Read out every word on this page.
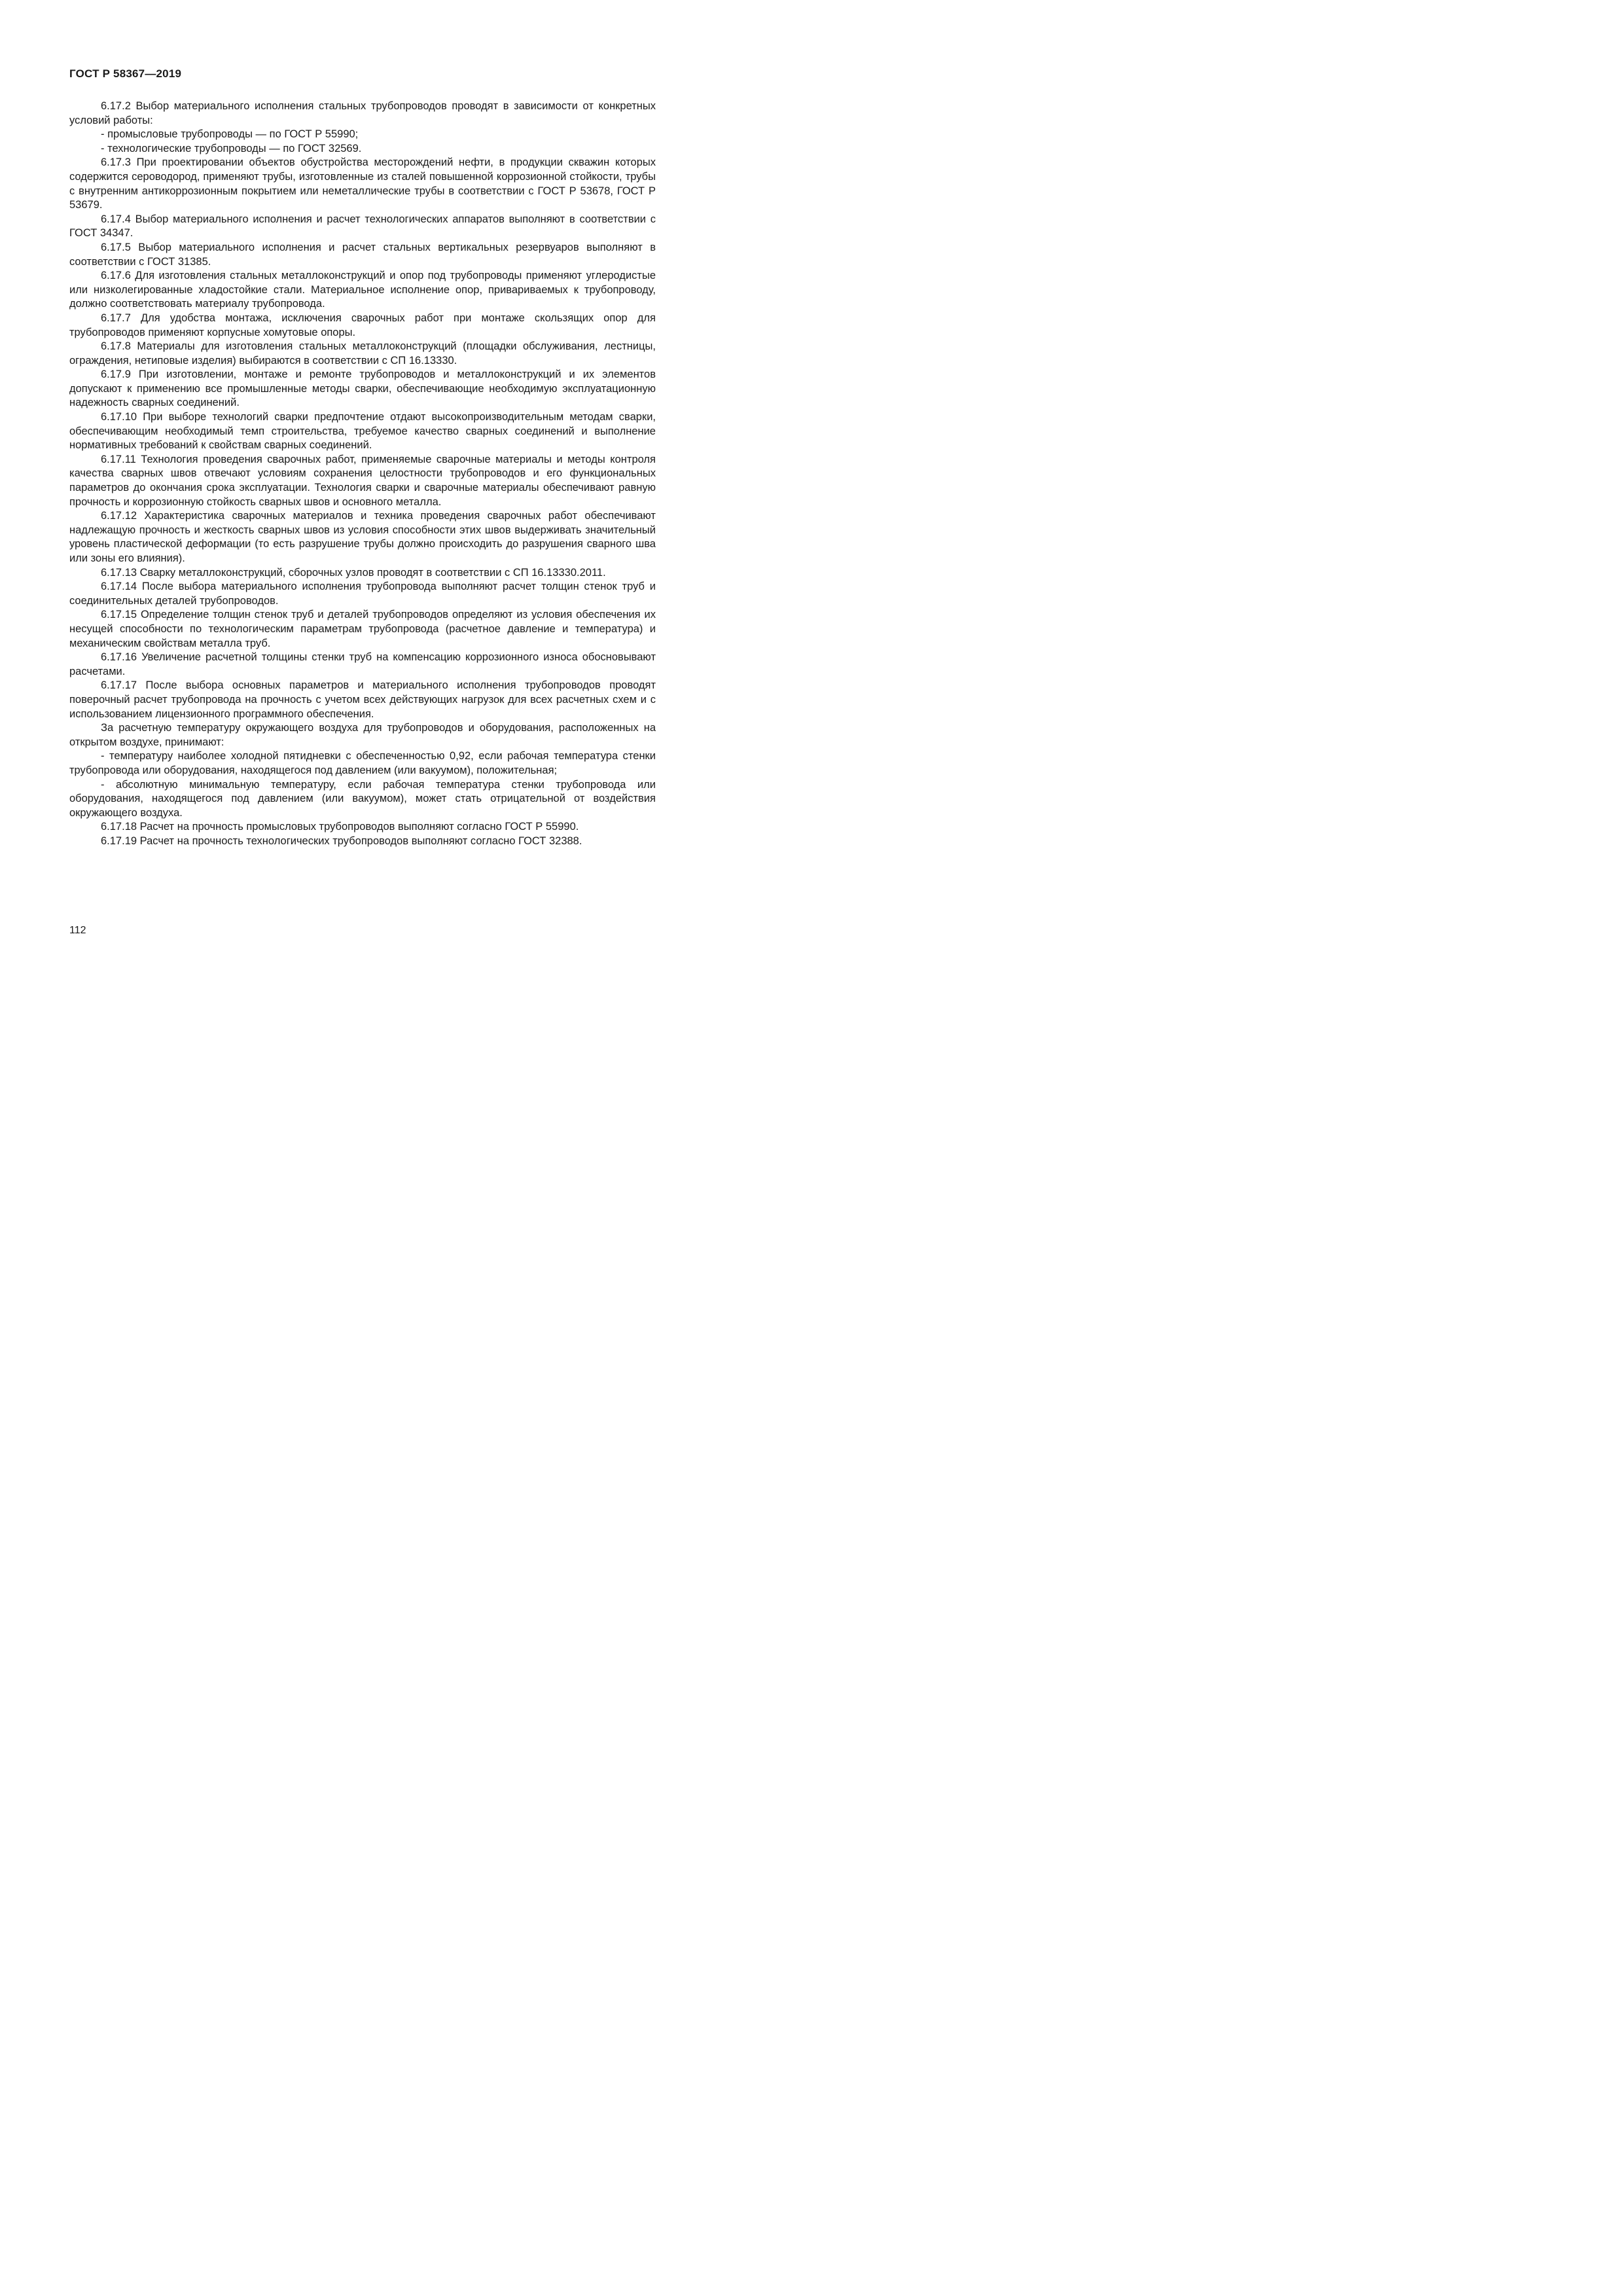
ГОСТ Р 58367—2019

6.17.2 Выбор материального исполнения стальных трубопроводов проводят в зависимости от конкретных условий работы:

- промысловые трубопроводы — по ГОСТ Р 55990;

- технологические трубопроводы — по ГОСТ 32569.

6.17.3 При проектировании объектов обустройства месторождений нефти, в продукции скважин которых содержится сероводород, применяют трубы, изготовленные из сталей повышенной коррозионной стойкости, трубы с внутренним антикоррозионным покрытием или неметаллические трубы в соответствии с ГОСТ Р 53678, ГОСТ Р 53679.

6.17.4 Выбор материального исполнения и расчет технологических аппаратов выполняют в соответствии с ГОСТ 34347.

6.17.5 Выбор материального исполнения и расчет стальных вертикальных резервуаров выполняют в соответствии с ГОСТ 31385.

6.17.6 Для изготовления стальных металлоконструкций и опор под трубопроводы применяют углеродистые или низколегированные хладостойкие стали. Материальное исполнение опор, привариваемых к трубопроводу, должно соответствовать материалу трубопровода.

6.17.7 Для удобства монтажа, исключения сварочных работ при монтаже скользящих опор для трубопроводов применяют корпусные хомутовые опоры.

6.17.8 Материалы для изготовления стальных металлоконструкций (площадки обслуживания, лестницы, ограждения, нетиповые изделия) выбираются в соответствии с СП 16.13330.

6.17.9 При изготовлении, монтаже и ремонте трубопроводов и металлоконструкций и их элементов допускают к применению все промышленные методы сварки, обеспечивающие необходимую эксплуатационную надежность сварных соединений.

6.17.10 При выборе технологий сварки предпочтение отдают высокопроизводительным методам сварки, обеспечивающим необходимый темп строительства, требуемое качество сварных соединений и выполнение нормативных требований к свойствам сварных соединений.

6.17.11 Технология проведения сварочных работ, применяемые сварочные материалы и методы контроля качества сварных швов отвечают условиям сохранения целостности трубопроводов и его функциональных параметров до окончания срока эксплуатации. Технология сварки и сварочные материалы обеспечивают равную прочность и коррозионную стойкость сварных швов и основного металла.

6.17.12 Характеристика сварочных материалов и техника проведения сварочных работ обеспечивают надлежащую прочность и жесткость сварных швов из условия способности этих швов выдерживать значительный уровень пластической деформации (то есть разрушение трубы должно происходить до разрушения сварного шва или зоны его влияния).

6.17.13 Сварку металлоконструкций, сборочных узлов проводят в соответствии с СП 16.13330.2011.

6.17.14 После выбора материального исполнения трубопровода выполняют расчет толщин стенок труб и соединительных деталей трубопроводов.

6.17.15 Определение толщин стенок труб и деталей трубопроводов определяют из условия обеспечения их несущей способности по технологическим параметрам трубопровода (расчетное давление и температура) и механическим свойствам металла труб.

6.17.16 Увеличение расчетной толщины стенки труб на компенсацию коррозионного износа обосновывают расчетами.

6.17.17 После выбора основных параметров и материального исполнения трубопроводов проводят поверочный расчет трубопровода на прочность с учетом всех действующих нагрузок для всех расчетных схем и с использованием лицензионного программного обеспечения.

За расчетную температуру окружающего воздуха для трубопроводов и оборудования, расположенных на открытом воздухе, принимают:

- температуру наиболее холодной пятидневки с обеспеченностью 0,92, если рабочая температура стенки трубопровода или оборудования, находящегося под давлением (или вакуумом), положительная;

- абсолютную минимальную температуру, если рабочая температура стенки трубопровода или оборудования, находящегося под давлением (или вакуумом), может стать отрицательной от воздействия окружающего воздуха.

6.17.18 Расчет на прочность промысловых трубопроводов выполняют согласно ГОСТ Р 55990.

6.17.19 Расчет на прочность технологических трубопроводов выполняют согласно ГОСТ 32388.

112
